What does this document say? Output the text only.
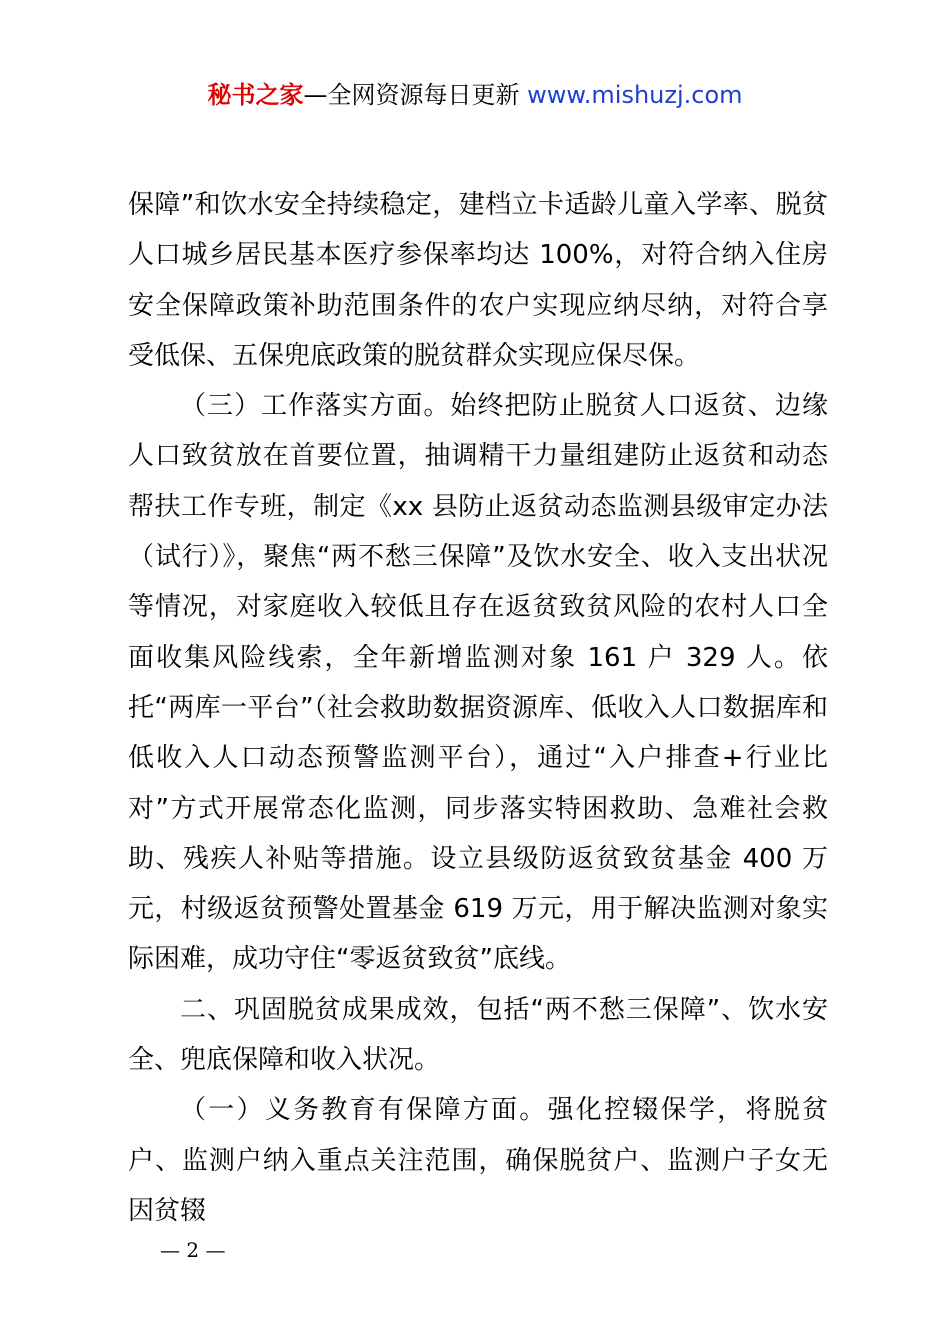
秘书之家—全网资源每日更新 www.mishuzj.com

保障”和饮水安全持续稳定，建档立卡适龄儿童入学率、脱贫人口城乡居民基本医疗参保率均达 100%，对符合纳入住房安全保障政策补助范围条件的农户实现应纳尽纳，对符合享受低保、五保兜底政策的脱贫群众实现应保尽保。

（三）工作落实方面。始终把防止脱贫人口返贫、边缘人口致贫放在首要位置，抽调精干力量组建防止返贫和动态帮扶工作专班，制定《xx 县防止返贫动态监测县级审定办法（试行）》，聚焦“两不愁三保障”及饮水安全、收入支出状况等情况，对家庭收入较低且存在返贫致贫风险的农村人口全面收集风险线索，全年新增监测对象 161 户 329 人。依托“两库一平台”（社会救助数据资源库、低收入人口数据库和低收入人口动态预警监测平台），通过“入户排查+行业比对”方式开展常态化监测，同步落实特困救助、急难社会救助、残疾人补贴等措施。设立县级防返贫致贫基金 400 万元，村级返贫预警处置基金 619 万元，用于解决监测对象实际困难，成功守住“零返贫致贫”底线。

二、巩固脱贫成果成效，包括“两不愁三保障”、饮水安全、兜底保障和收入状况。

（一）义务教育有保障方面。强化控辍保学，将脱贫户、监测户纳入重点关注范围，确保脱贫户、监测户子女无因贫辍

— 2 —
